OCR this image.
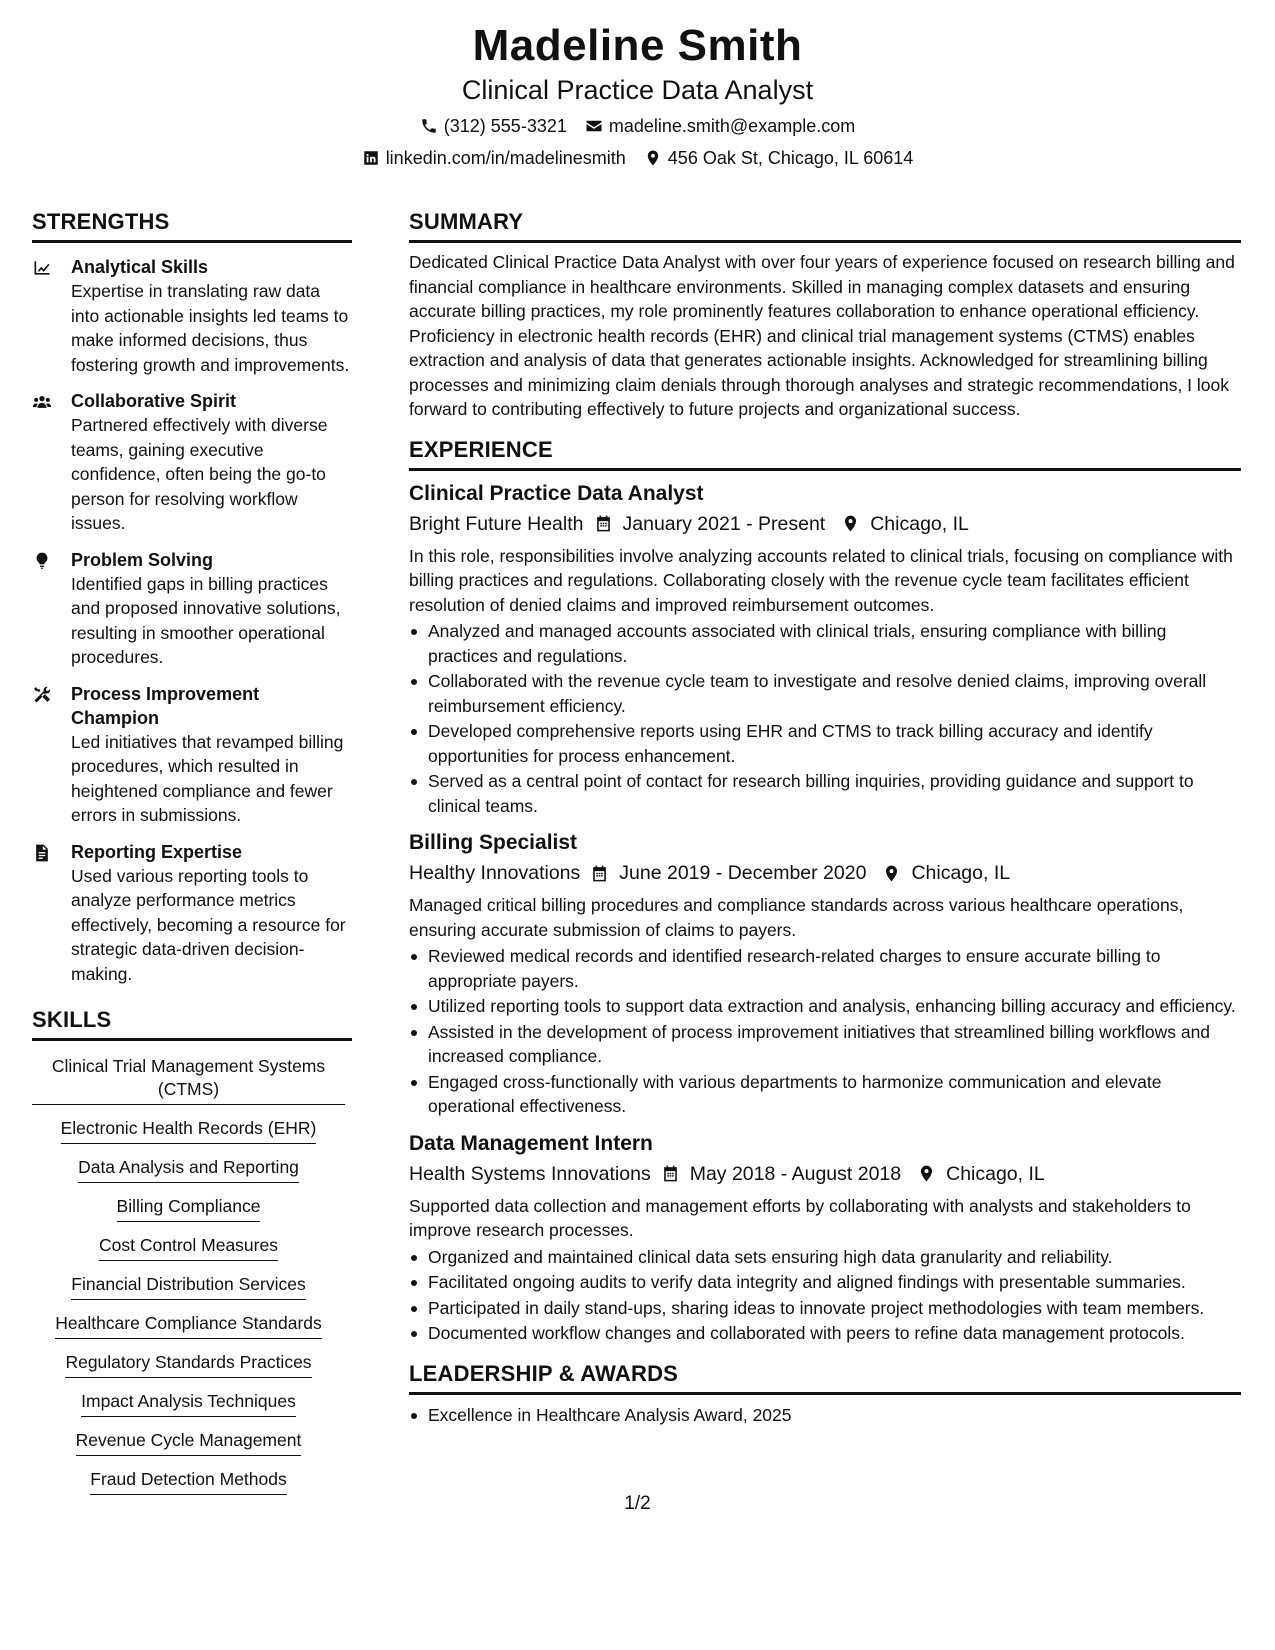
Madeline Smith
Clinical Practice Data Analyst
(312) 555-3321 madeline.smith@example.com
linkedin.com/in/madelinesmith 456 Oak St, Chicago, IL 60614
STRENGTHS
Analytical Skills
Expertise in translating raw data into actionable insights led teams to make informed decisions, thus fostering growth and improvements.
Collaborative Spirit
Partnered effectively with diverse teams, gaining executive confidence, often being the go-to person for resolving workflow issues.
Problem Solving
Identified gaps in billing practices and proposed innovative solutions, resulting in smoother operational procedures.
Process Improvement Champion
Led initiatives that revamped billing procedures, which resulted in heightened compliance and fewer errors in submissions.
Reporting Expertise
Used various reporting tools to analyze performance metrics effectively, becoming a resource for strategic data-driven decision-making.
SKILLS
Clinical Trial Management Systems (CTMS)
Electronic Health Records (EHR)
Data Analysis and Reporting
Billing Compliance
Cost Control Measures
Financial Distribution Services
Healthcare Compliance Standards
Regulatory Standards Practices
Impact Analysis Techniques
Revenue Cycle Management
Fraud Detection Methods
SUMMARY
Dedicated Clinical Practice Data Analyst with over four years of experience focused on research billing and financial compliance in healthcare environments. Skilled in managing complex datasets and ensuring accurate billing practices, my role prominently features collaboration to enhance operational efficiency. Proficiency in electronic health records (EHR) and clinical trial management systems (CTMS) enables extraction and analysis of data that generates actionable insights. Acknowledged for streamlining billing processes and minimizing claim denials through thorough analyses and strategic recommendations, I look forward to contributing effectively to future projects and organizational success.
EXPERIENCE
Clinical Practice Data Analyst
Bright Future Health January 2021 - Present Chicago, IL
In this role, responsibilities involve analyzing accounts related to clinical trials, focusing on compliance with billing practices and regulations. Collaborating closely with the revenue cycle team facilitates efficient resolution of denied claims and improved reimbursement outcomes.
Analyzed and managed accounts associated with clinical trials, ensuring compliance with billing practices and regulations.
Collaborated with the revenue cycle team to investigate and resolve denied claims, improving overall reimbursement efficiency.
Developed comprehensive reports using EHR and CTMS to track billing accuracy and identify opportunities for process enhancement.
Served as a central point of contact for research billing inquiries, providing guidance and support to clinical teams.
Billing Specialist
Healthy Innovations June 2019 - December 2020 Chicago, IL
Managed critical billing procedures and compliance standards across various healthcare operations, ensuring accurate submission of claims to payers.
Reviewed medical records and identified research-related charges to ensure accurate billing to appropriate payers.
Utilized reporting tools to support data extraction and analysis, enhancing billing accuracy and efficiency.
Assisted in the development of process improvement initiatives that streamlined billing workflows and increased compliance.
Engaged cross-functionally with various departments to harmonize communication and elevate operational effectiveness.
Data Management Intern
Health Systems Innovations May 2018 - August 2018 Chicago, IL
Supported data collection and management efforts by collaborating with analysts and stakeholders to improve research processes.
Organized and maintained clinical data sets ensuring high data granularity and reliability.
Facilitated ongoing audits to verify data integrity and aligned findings with presentable summaries.
Participated in daily stand-ups, sharing ideas to innovate project methodologies with team members.
Documented workflow changes and collaborated with peers to refine data management protocols.
LEADERSHIP & AWARDS
Excellence in Healthcare Analysis Award, 2025
1/2
